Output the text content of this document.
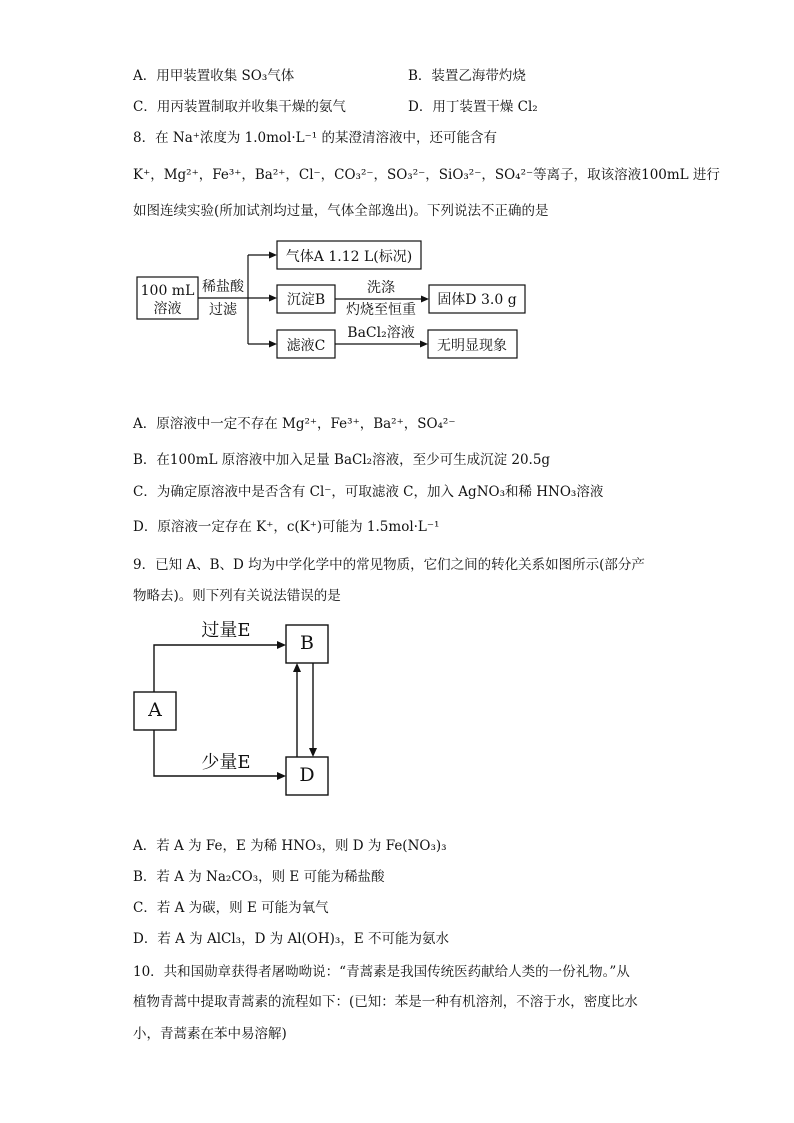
A．用甲装置收集 SO₃气体	B．装置乙海带灼烧
C．用丙装置制取并收集干燥的氨气	D．用丁装置干燥 Cl₂
8．在 Na⁺浓度为 1.0mol·L⁻¹ 的某澄清溶液中，还可能含有
K⁺，Mg²⁺，Fe³⁺，Ba²⁺，Cl⁻，CO₃²⁻，SO₃²⁻，SiO₃²⁻，SO₄²⁻等离子，取该溶液100mL 进行
如图连续实验(所加试剂均过量，气体全部逸出)。下列说法不正确的是
100 mL
溶液
稀盐酸
过滤
气体A 1.12 L(标况)
沉淀B
洗涤
灼烧至恒重
固体D 3.0 g
滤液C
BaCl₂溶液
无明显现象
A．原溶液中一定不存在 Mg²⁺，Fe³⁺，Ba²⁺，SO₄²⁻
B．在100mL 原溶液中加入足量 BaCl₂溶液，至少可生成沉淀 20.5g
C．为确定原溶液中是否含有 Cl⁻，可取滤液 C，加入 AgNO₃和稀 HNO₃溶液
D．原溶液一定存在 K⁺，c(K⁺)可能为 1.5mol·L⁻¹
9．已知 A、B、D 均为中学化学中的常见物质，它们之间的转化关系如图所示(部分产
物略去)。则下列有关说法错误的是
A
B
D
过量E
少量E
A．若 A 为 Fe，E 为稀 HNO₃，则 D 为 Fe(NO₃)₃
B．若 A 为 Na₂CO₃，则 E 可能为稀盐酸
C．若 A 为碳，则 E 可能为氧气
D．若 A 为 AlCl₃，D 为 Al(OH)₃，E 不可能为氨水
10．共和国勋章获得者屠呦呦说：“青蒿素是我国传统医药献给人类的一份礼物。”从
植物青蒿中提取青蒿素的流程如下：(已知：苯是一种有机溶剂，不溶于水，密度比水
小，青蒿素在苯中易溶解)
